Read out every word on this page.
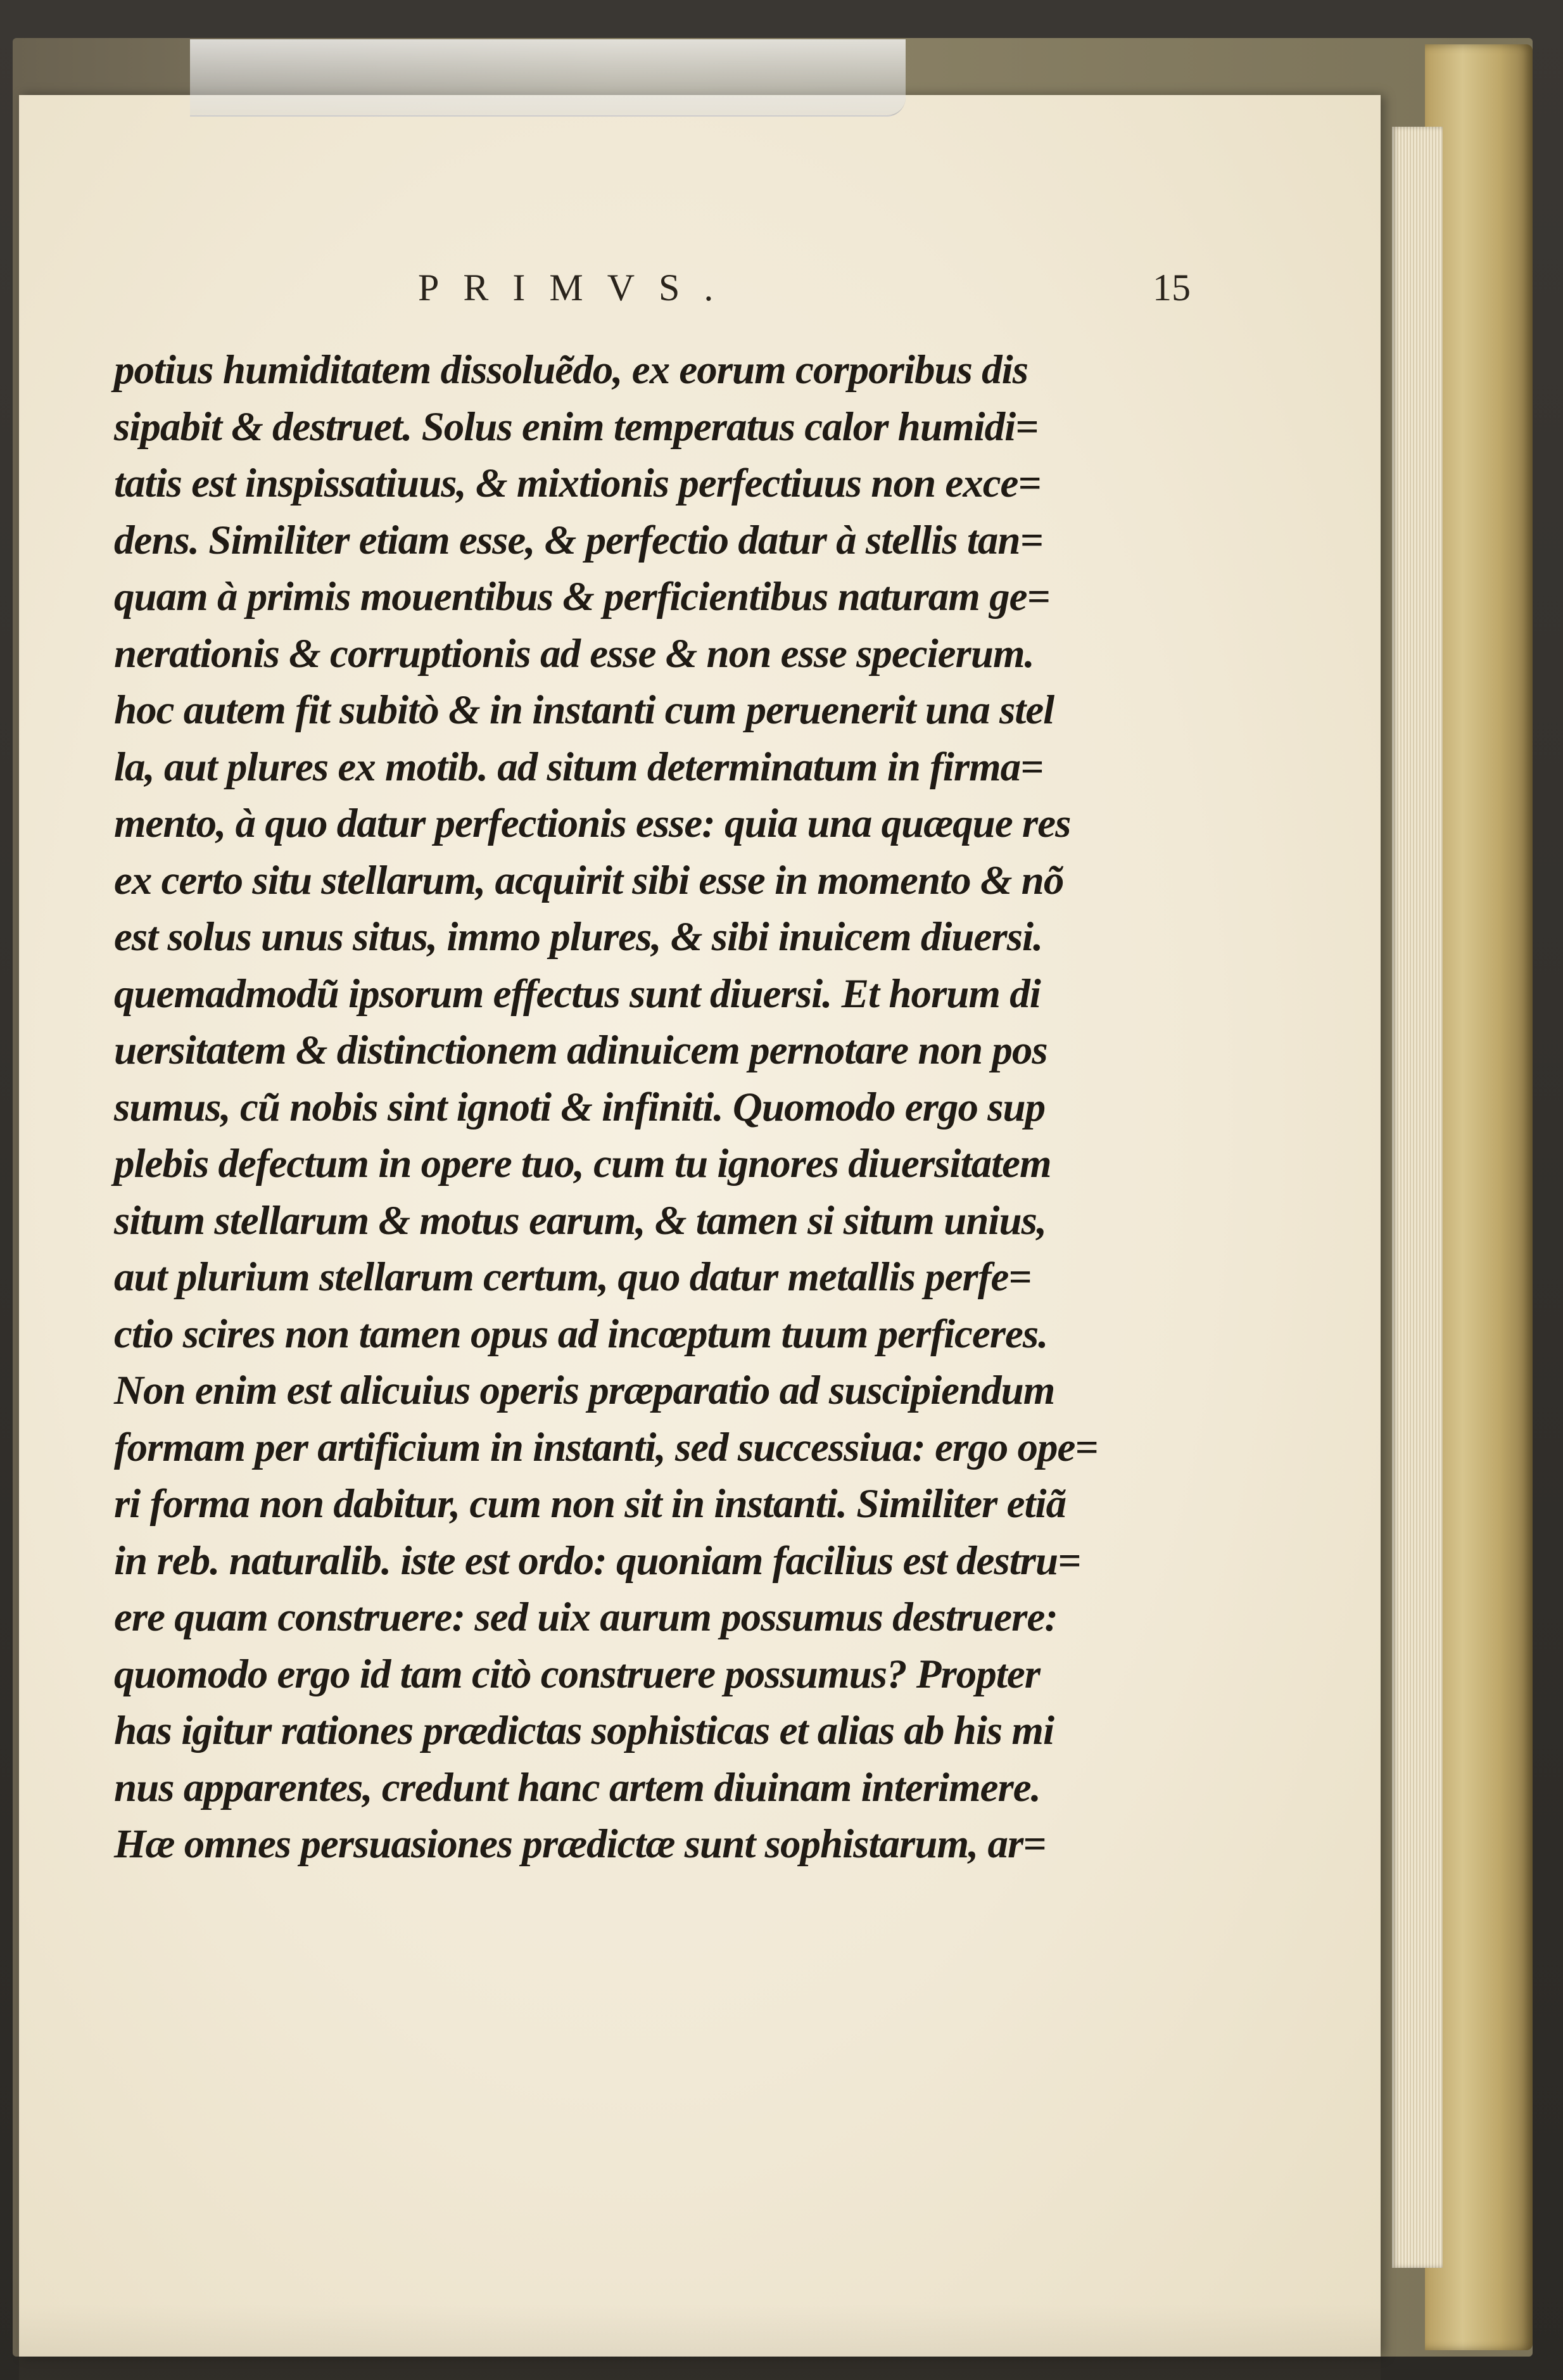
PRIMVS.	15
potius humiditatem dissoluẽdo, ex eorum corporibus dis
sipabit & destruet. Solus enim temperatus calor humidi=
tatis est inspissatiuus, & mixtionis perfectiuus non exce=
dens. Similiter etiam esse, & perfectio datur à stellis tan=
quam à primis mouentibus & perficientibus naturam ge=
nerationis & corruptionis ad esse & non esse specierum.
hoc autem fit subitò & in instanti cum peruenerit una stel
la, aut plures ex motib. ad situm determinatum in firma=
mento, à quo datur perfectionis esse: quia una quæque res
ex certo situ stellarum, acquirit sibi esse in momento & nõ
est solus unus situs, immo plures, & sibi inuicem diuersi.
quemadmodũ ipsorum effectus sunt diuersi. Et horum di
uersitatem & distinctionem adinuicem pernotare non pos
sumus, cũ nobis sint ignoti & infiniti. Quomodo ergo sup
plebis defectum in opere tuo, cum tu ignores diuersitatem
situm stellarum & motus earum, & tamen si situm unius,
aut plurium stellarum certum, quo datur metallis perfe=
ctio scires non tamen opus ad incœptum tuum perficeres.
Non enim est alicuius operis præparatio ad suscipiendum
formam per artificium in instanti, sed successiua: ergo ope=
ri forma non dabitur, cum non sit in instanti. Similiter etiã
in reb. naturalib. iste est ordo: quoniam facilius est destru=
ere quam construere: sed uix aurum possumus destruere:
quomodo ergo id tam citò construere possumus? Propter
has igitur rationes prædictas sophisticas et alias ab his mi
nus apparentes, credunt hanc artem diuinam interimere.
Hæ omnes persuasiones prædictæ sunt sophistarum, ar=
